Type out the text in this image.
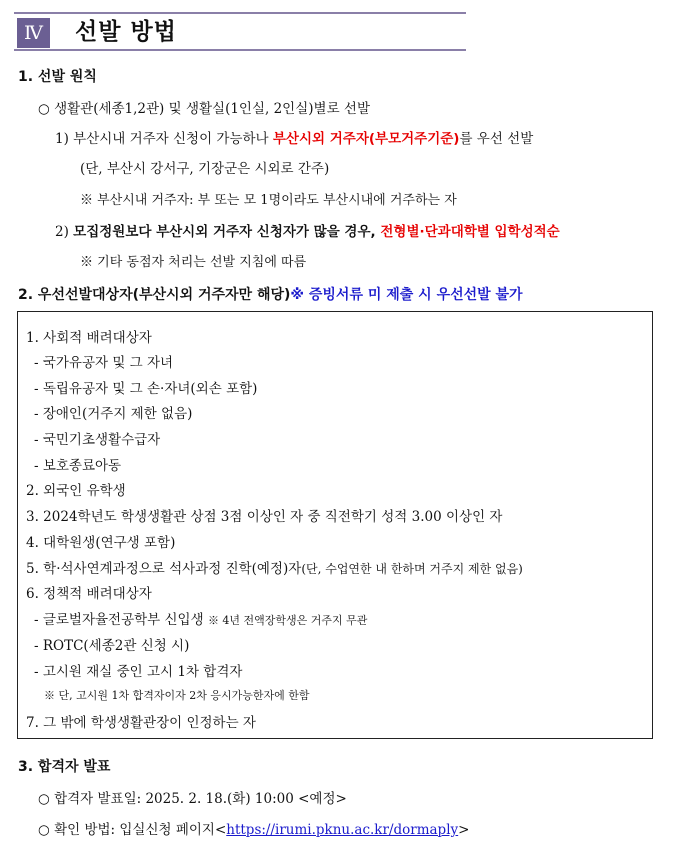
Ⅳ	선발 방법
1. 선발 원칙
○ 생활관(세종1,2관) 및 생활실(1인실, 2인실)별로 선발
1) 부산시내 거주자 신청이 가능하나 부산시외 거주자(부모거주기준)를 우선 선발
(단, 부산시 강서구, 기장군은 시외로 간주)
※ 부산시내 거주자: 부 또는 모 1명이라도 부산시내에 거주하는 자
2) 모집정원보다 부산시외 거주자 신청자가 많을 경우, 전형별·단과대학별 입학성적순
※ 기타 동점자 처리는 선발 지침에 따름
2. 우선선발대상자(부산시외 거주자만 해당)※ 증빙서류 미 제출 시 우선선발 불가
1. 사회적 배려대상자
- 국가유공자 및 그 자녀
- 독립유공자 및 그 손·자녀(외손 포함)
- 장애인(거주지 제한 없음)
- 국민기초생활수급자
- 보호종료아동
2. 외국인 유학생
3. 2024학년도 학생생활관 상점 3점 이상인 자 중 직전학기 성적 3.00 이상인 자
4. 대학원생(연구생 포함)
5. 학·석사연계과정으로 석사과정 진학(예정)자(단, 수업연한 내 한하며 거주지 제한 없음)
6. 정책적 배려대상자
- 글로벌자율전공학부 신입생 ※ 4년 전액장학생은 거주지 무관
- ROTC(세종2관 신청 시)
- 고시원 재실 중인 고시 1차 합격자
※ 단, 고시원 1차 합격자이자 2차 응시가능한자에 한함
7. 그 밖에 학생생활관장이 인정하는 자
3. 합격자 발표
○ 합격자 발표일: 2025. 2. 18.(화) 10:00 <예정>
○ 확인 방법: 입실신청 페이지<https://irumi.pknu.ac.kr/dormaply>
